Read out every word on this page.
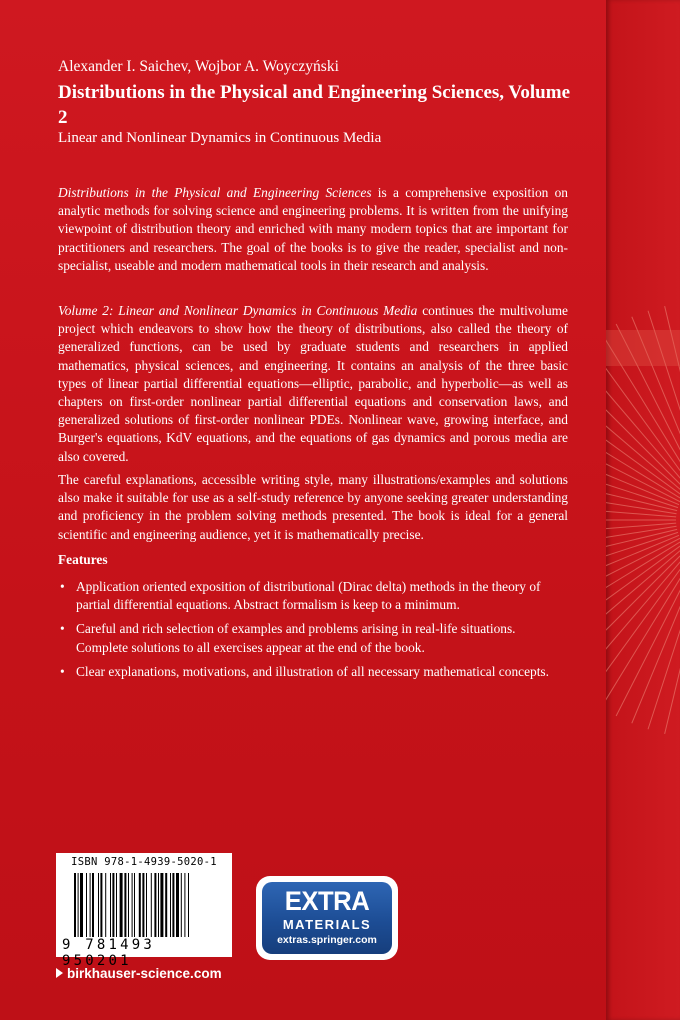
Alexander I. Saichev, Wojbor A. Woyczyński
Distributions in the Physical and Engineering Sciences, Volume 2
Linear and Nonlinear Dynamics in Continuous Media
Distributions in the Physical and Engineering Sciences is a comprehensive exposition on analytic methods for solving science and engineering problems. It is written from the unifying viewpoint of distribution theory and enriched with many modern topics that are important for practitioners and researchers. The goal of the books is to give the reader, specialist and non-specialist, useable and modern mathematical tools in their research and analysis.
Volume 2: Linear and Nonlinear Dynamics in Continuous Media continues the multivolume project which endeavors to show how the theory of distributions, also called the theory of generalized functions, can be used by graduate students and researchers in applied mathematics, physical sciences, and engineering. It contains an analysis of the three basic types of linear partial differential equations—elliptic, parabolic, and hyperbolic—as well as chapters on first-order nonlinear partial differential equations and conservation laws, and generalized solutions of first-order nonlinear PDEs. Nonlinear wave, growing interface, and Burger's equations, KdV equations, and the equations of gas dynamics and porous media are also covered.
The careful explanations, accessible writing style, many illustrations/examples and solutions also make it suitable for use as a self-study reference by anyone seeking greater understanding and proficiency in the problem solving methods presented. The book is ideal for a general scientific and engineering audience, yet it is mathematically precise.
Features
• Application oriented exposition of distributional (Dirac delta) methods in the theory of partial differential equations. Abstract formalism is keep to a minimum.
• Careful and rich selection of examples and problems arising in real-life situations. Complete solutions to all exercises appear at the end of the book.
• Clear explanations, motivations, and illustration of all necessary mathematical concepts.
ISBN 978-1-4939-5020-1
9 781493 950201
birkhauser-science.com
EXTRA
MATERIALS
extras.springer.com
